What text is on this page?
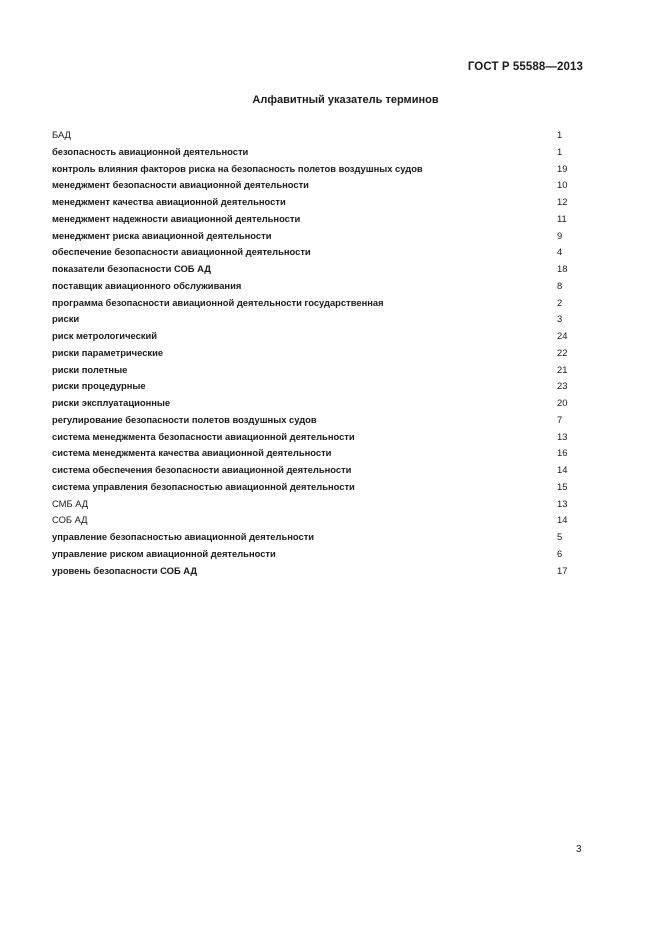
ГОСТ Р 55588—2013
Алфавитный указатель терминов
БАД	1
безопасность авиационной деятельности	1
контроль влияния факторов риска на безопасность полетов воздушных судов	19
менеджмент безопасности авиационной деятельности	10
менеджмент качества авиационной деятельности	12
менеджмент надежности авиационной деятельности	11
менеджмент риска авиационной деятельности	9
обеспечение безопасности авиационной деятельности	4
показатели безопасности СОБ АД	18
поставщик авиационного обслуживания	8
программа безопасности авиационной деятельности государственная	2
риски	3
риск метрологический	24
риски параметрические	22
риски полетные	21
риски процедурные	23
риски эксплуатационные	20
регулирование безопасности полетов воздушных судов	7
система менеджмента безопасности авиационной деятельности	13
система менеджмента качества авиационной деятельности	16
система обеспечения безопасности авиационной деятельности	14
система управления безопасностью авиационной деятельности	15
СМБ АД	13
СОБ АД	14
управление безопасностью авиационной деятельности	5
управление риском авиационной деятельности	6
уровень безопасности СОБ АД	17
3
